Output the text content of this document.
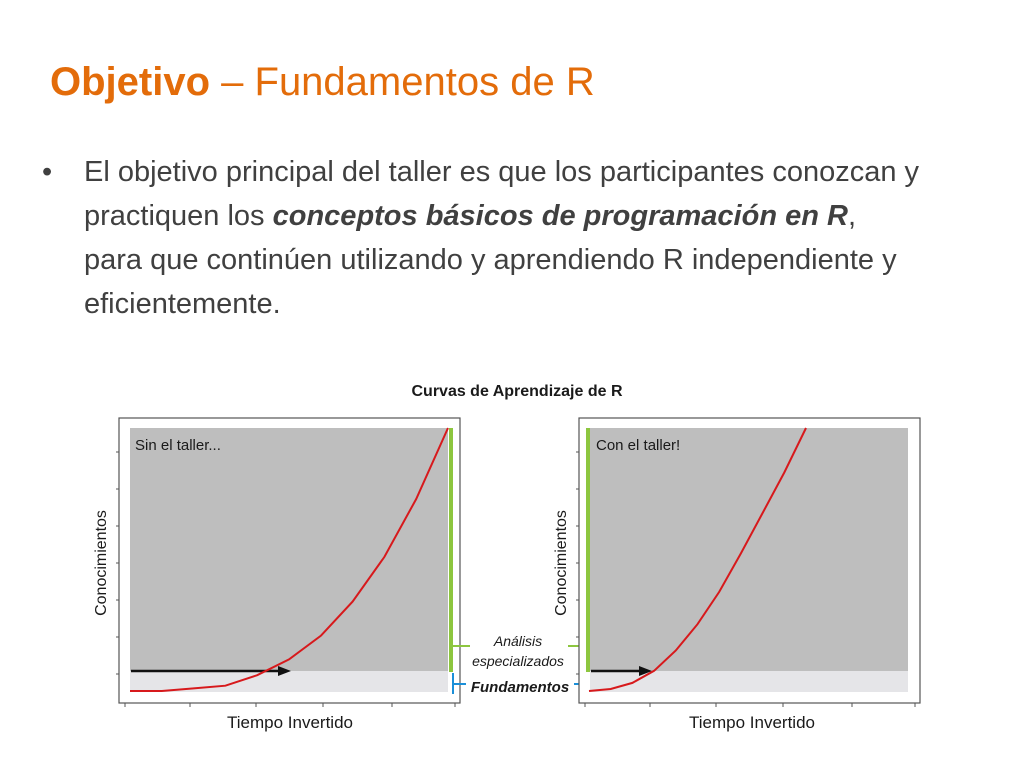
Objetivo – Fundamentos de R
• El objetivo principal del taller es que los participantes conozcan y practiquen los conceptos básicos de programación en R, para que continúen utilizando y aprendiendo R independiente y eficientemente.
Curvas de Aprendizaje de R
Sin el taller...
Conocimientos
Tiempo Invertido
Análisis
especializados
Fundamentos
Con el taller!
Conocimientos
Tiempo Invertido
